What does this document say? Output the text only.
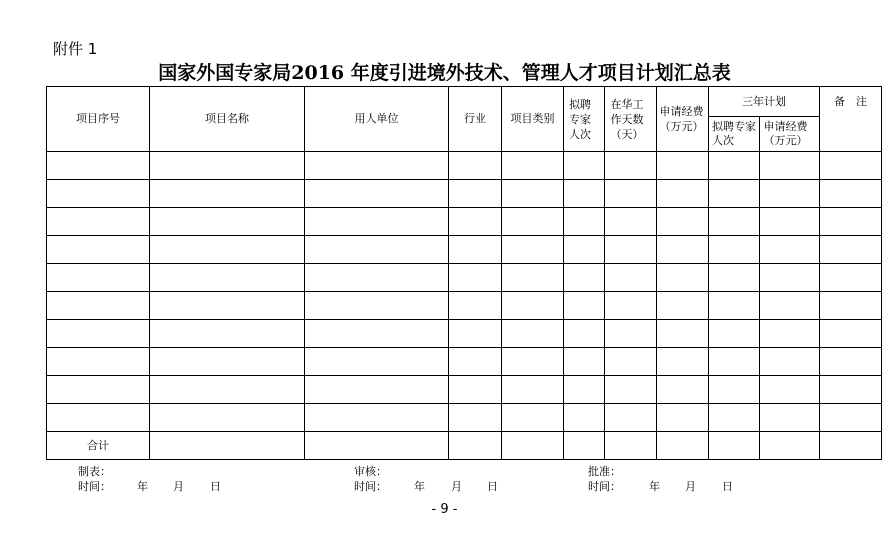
附件 1
国家外国专家局2016 年度引进境外技术、管理人才项目计划汇总表
项目序号	项目名称	用人单位	行业	项目类别	拟聘专家人次	在华工作天数（天）	申请经费（万元）	三年计划		备　注
								拟聘专家人次	申请经费（万元）	

合计										
制表：
时间： 年 月 日
审核：
时间： 年 月 日
批准：
时间：	年 月 日
- 9 -
